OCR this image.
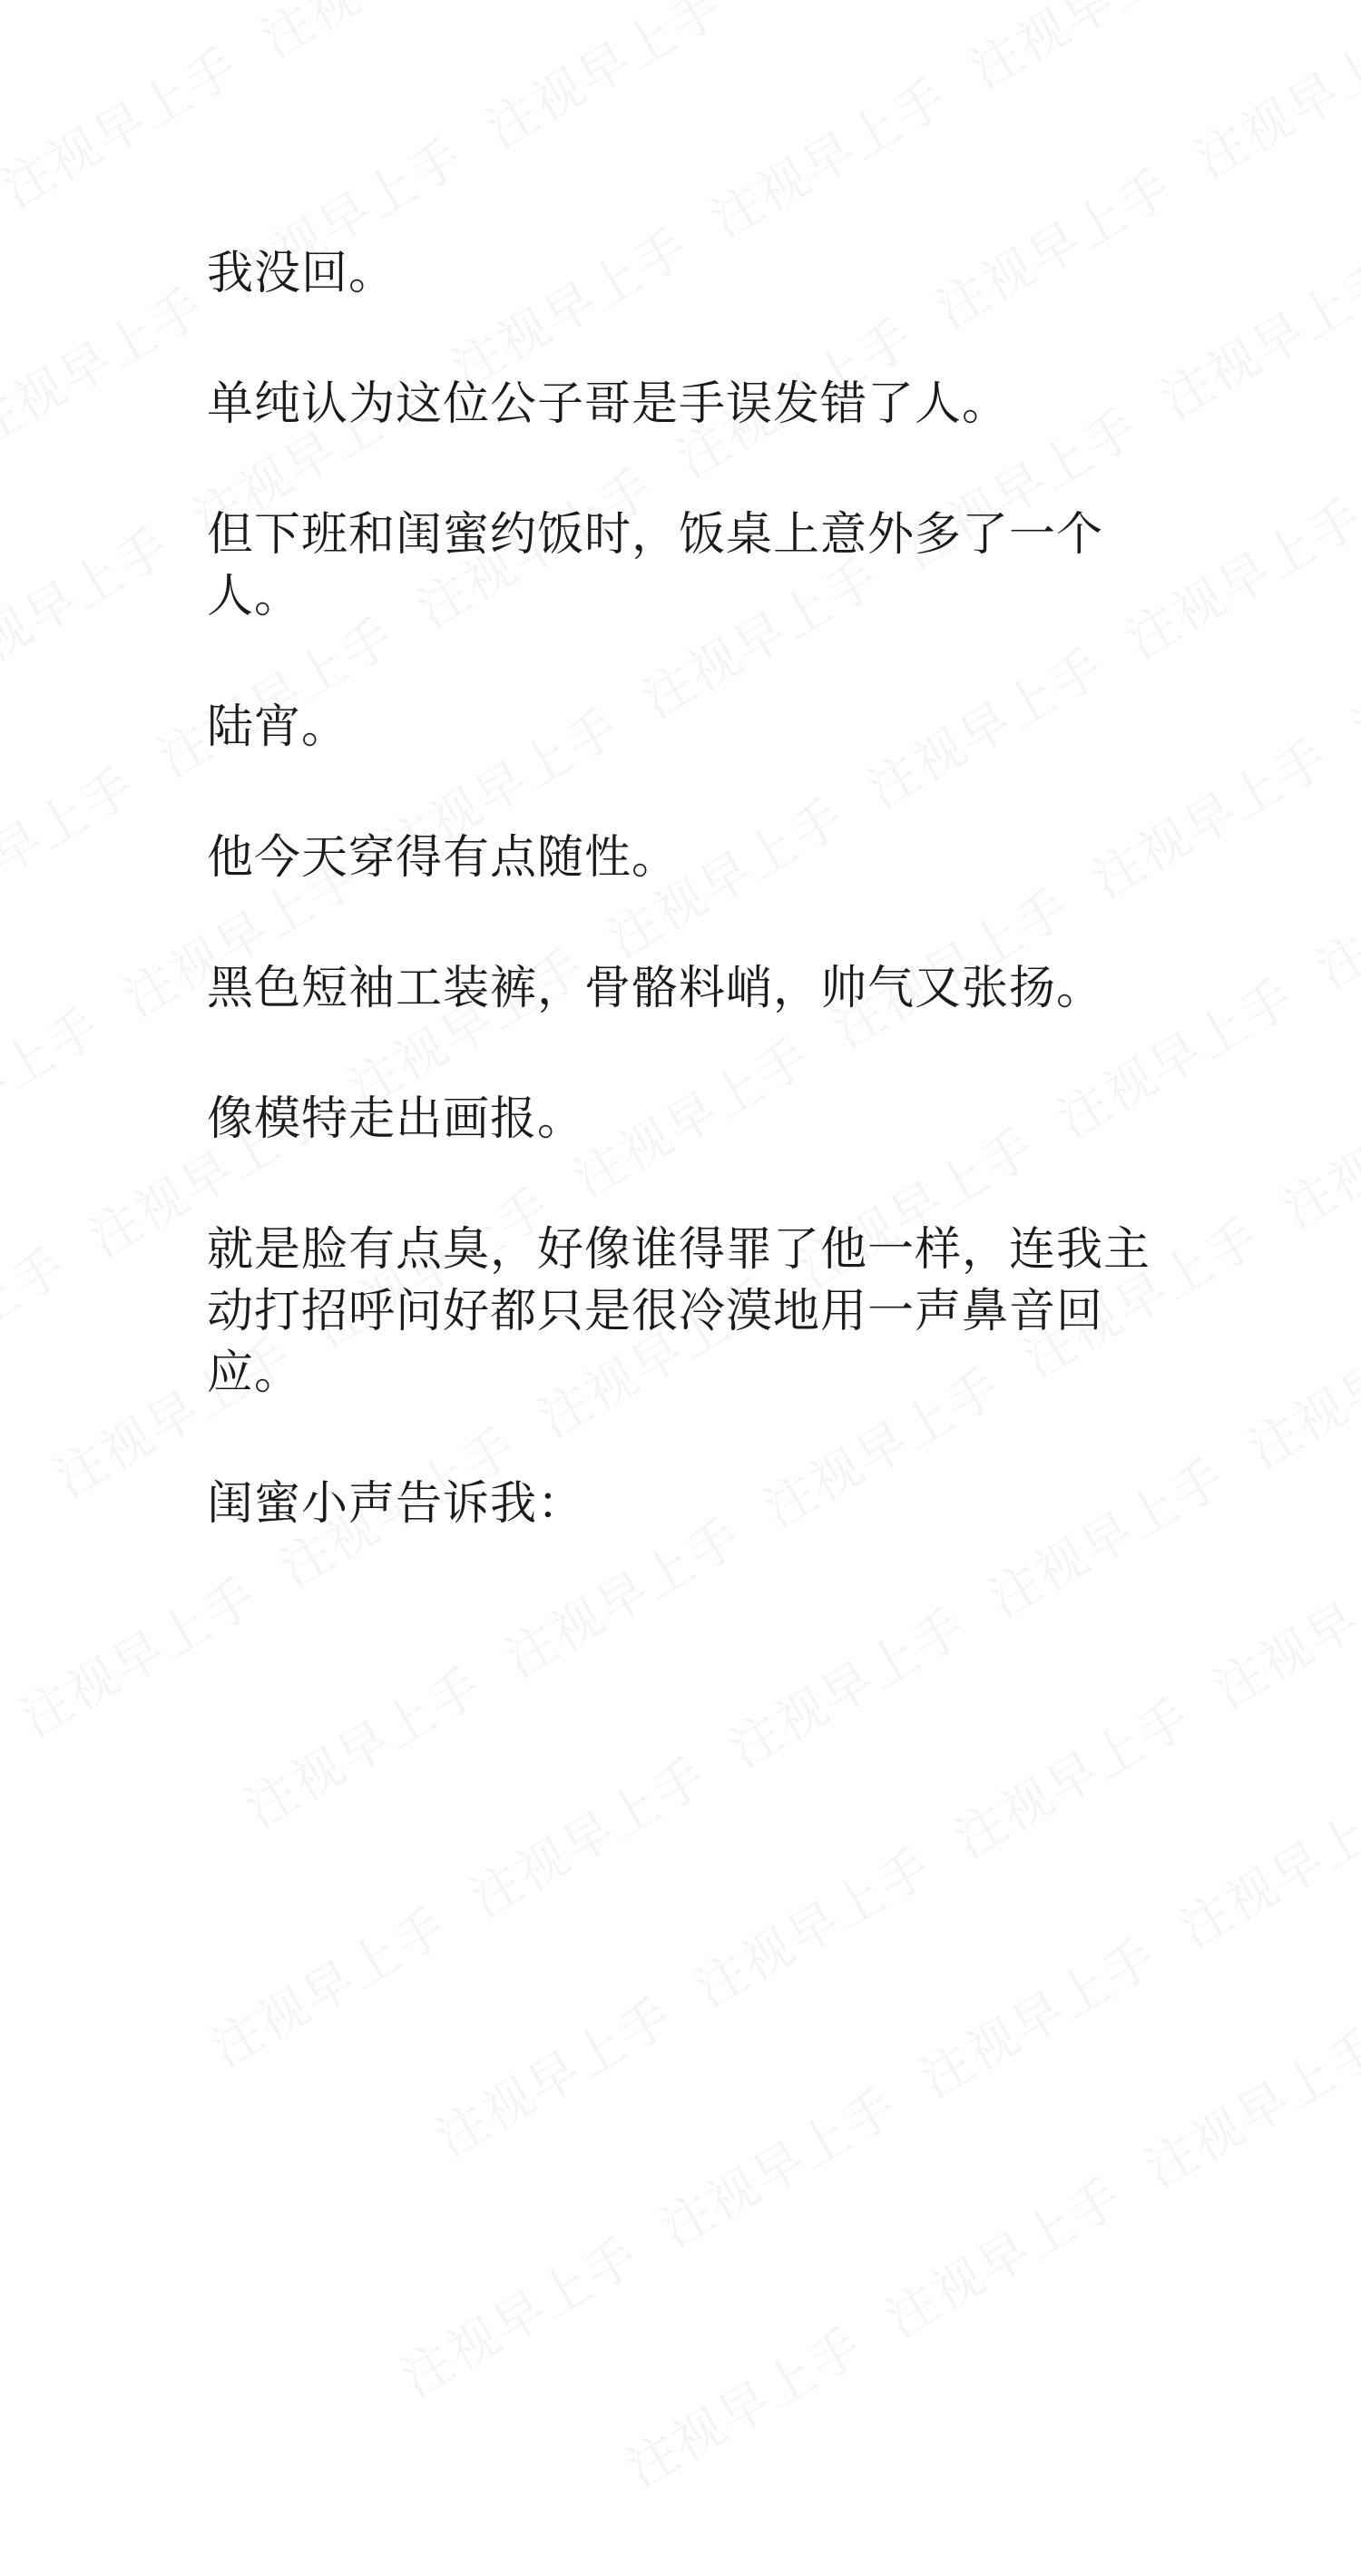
我没回。

单纯认为这位公子哥是手误发错了人。

但下班和闺蜜约饭时，饭桌上意外多了一个人。

陆宵。

他今天穿得有点随性。

黑色短袖工装裤，骨骼料峭，帅气又张扬。

像模特走出画报。

就是脸有点臭，好像谁得罪了他一样，连我主动打招呼问好都只是很冷漠地用一声鼻音回应。

闺蜜小声告诉我：
